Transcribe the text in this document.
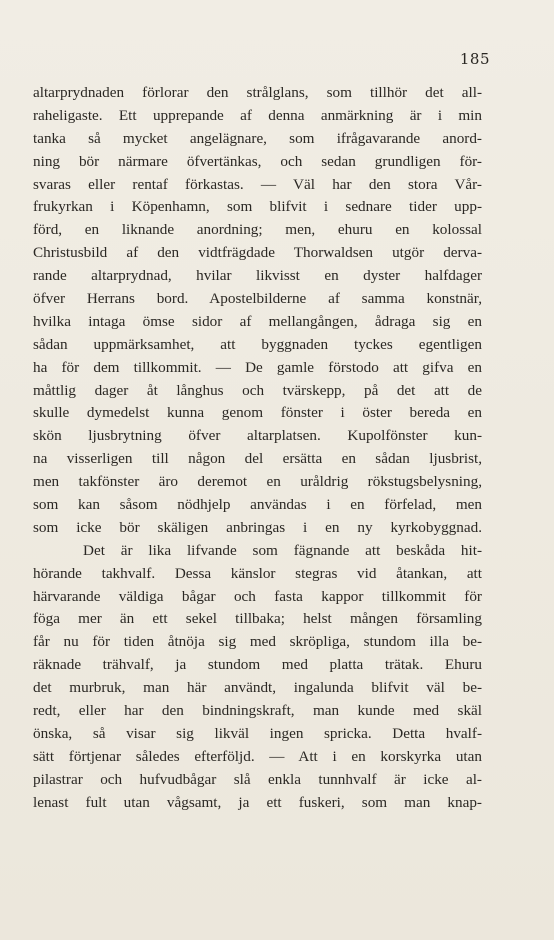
185
altarprydnaden förlorar den strålglans, som tillhör det all-
raheligaste. Ett upprepande af denna anmärkning är i min
tanka så mycket angelägnare, som ifrågavarande anord-
ning bör närmare öfvertänkas, och sedan grundligen för-
svaras eller rentaf förkastas. — Väl har den stora Vår-
frukyrkan i Köpenhamn, som blifvit i sednare tider upp-
förd, en liknande anordning; men, ehuru en kolossal
Christusbild af den vidtfrägdade Thorwaldsen utgör derva-
rande altarprydnad, hvilar likvisst en dyster halfdager
öfver Herrans bord. Apostelbilderne af samma konstnär,
hvilka intaga ömse sidor af mellangången, ådraga sig en
sådan uppmärksamhet, att byggnaden tyckes egentligen
ha för dem tillkommit. — De gamle förstodo att gifva en
måttlig dager åt långhus och tvärskepp, på det att de
skulle dymedelst kunna genom fönster i öster bereda en
skön ljusbrytning öfver altarplatsen. Kupolfönster kun-
na visserligen till någon del ersätta en sådan ljusbrist,
men takfönster äro deremot en uråldrig rökstugsbelysning,
som kan såsom nödhjelp användas i en förfelad, men
som icke bör skäligen anbringas i en ny kyrkobyggnad.
Det är lika lifvande som fägnande att beskåda hit-
hörande takhvalf. Dessa känslor stegras vid åtankan, att
härvarande väldiga bågar och fasta kappor tillkommit för
föga mer än ett sekel tillbaka; helst mången församling
får nu för tiden åtnöja sig med skröpliga, stundom illa be-
räknade trähvalf, ja stundom med platta trätak. Ehuru
det murbruk, man här användt, ingalunda blifvit väl be-
redt, eller har den bindningskraft, man kunde med skäl
önska, så visar sig likväl ingen spricka. Detta hvalf-
sätt förtjenar således efterföljd. — Att i en korskyrka utan
pilastrar och hufvudbågar slå enkla tunnhvalf är icke al-
lenast fult utan vågsamt, ja ett fuskeri, som man knap-
